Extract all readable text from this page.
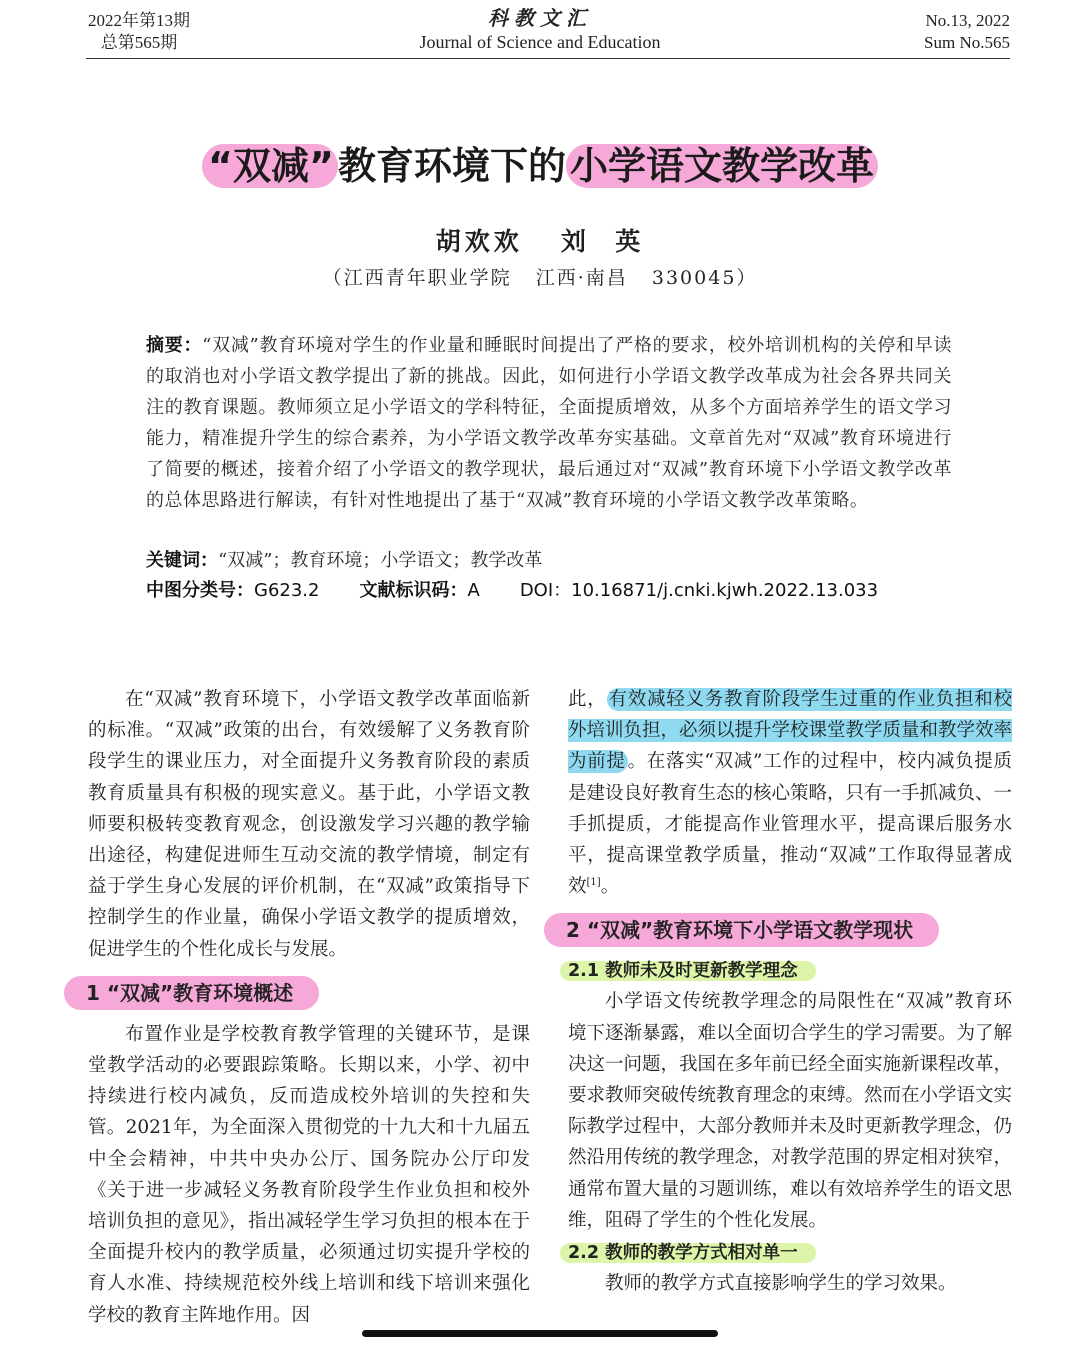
2022年第13期
总第565期
科教文汇
Journal of Science and Education
No.13, 2022
Sum No.565
“双减” 教育环境下的 小学语文教学改革
胡欢欢   刘  英
（江西青年职业学院   江西·南昌   330045）
摘要：“双减”教育环境对学生的作业量和睡眠时间提出了严格的要求，校外培训机构的关停和早读的取消也对小学语文教学提出了新的挑战。因此，如何进行小学语文教学改革成为社会各界共同关注的教育课题。教师须立足小学语文的学科特征，全面提质增效，从多个方面培养学生的语文学习能力，精准提升学生的综合素养，为小学语文教学改革夯实基础。文章首先对“双减”教育环境进行了简要的概述，接着介绍了小学语文的教学现状，最后通过对“双减”教育环境下小学语文教学改革的总体思路进行解读，有针对性地提出了基于“双减”教育环境的小学语文教学改革策略。
关键词：“双减”；教育环境；小学语文；教学改革
中图分类号：G623.2 文献标识码：A DOI：10.16871/j.cnki.kjwh.2022.13.033

在“双减”教育环境下，小学语文教学改革面临新的标准。“双减”政策的出台，有效缓解了义务教育阶段学生的课业压力，对全面提升义务教育阶段的素质教育质量具有积极的现实意义。基于此，小学语文教师要积极转变教育观念，创设激发学习兴趣的教学输出途径，构建促进师生互动交流的教学情境，制定有益于学生身心发展的评价机制，在“双减”政策指导下控制学生的作业量，确保小学语文教学的提质增效，促进学生的个性化成长与发展。

1 “双减”教育环境概述

布置作业是学校教育教学管理的关键环节，是课堂教学活动的必要跟踪策略。长期以来，小学、初中持续进行校内减负，反而造成校外培训的失控和失管。2021年，为全面深入贯彻党的十九大和十九届五中全会精神，中共中央办公厅、国务院办公厅印发《关于进一步减轻义务教育阶段学生作业负担和校外培训负担的意见》，指出减轻学生学习负担的根本在于全面提升校内的教学质量，必须通过切实提升学校的育人水准、持续规范校外线上培训和线下培训来强化学校的教育主阵地作用。因

此， 有效减轻义务教育阶段学生过重的作业负担和校外培训负担，必须以提升学校课堂教学质量和教学效率为前提 。在落实“双减”工作的过程中，校内减负提质是建设良好教育生态的核心策略，只有一手抓减负、一手抓提质，才能提高作业管理水平，提高课后服务水平，提高课堂教学质量，推动“双减”工作取得显著成效[1]。

2 “双减”教育环境下小学语文教学现状
2.1 教师未及时更新教学理念

小学语文传统教学理念的局限性在“双减”教育环境下逐渐暴露，难以全面切合学生的学习需要。为了解决这一问题，我国在多年前已经全面实施新课程改革，要求教师突破传统教育理念的束缚。然而在小学语文实际教学过程中，大部分教师并未及时更新教学理念，仍然沿用传统的教学理念，对教学范围的界定相对狭窄，通常布置大量的习题训练，难以有效培养学生的语文思维，阻碍了学生的个性化发展。

2.2 教师的教学方式相对单一

教师的教学方式直接影响学生的学习效果。
